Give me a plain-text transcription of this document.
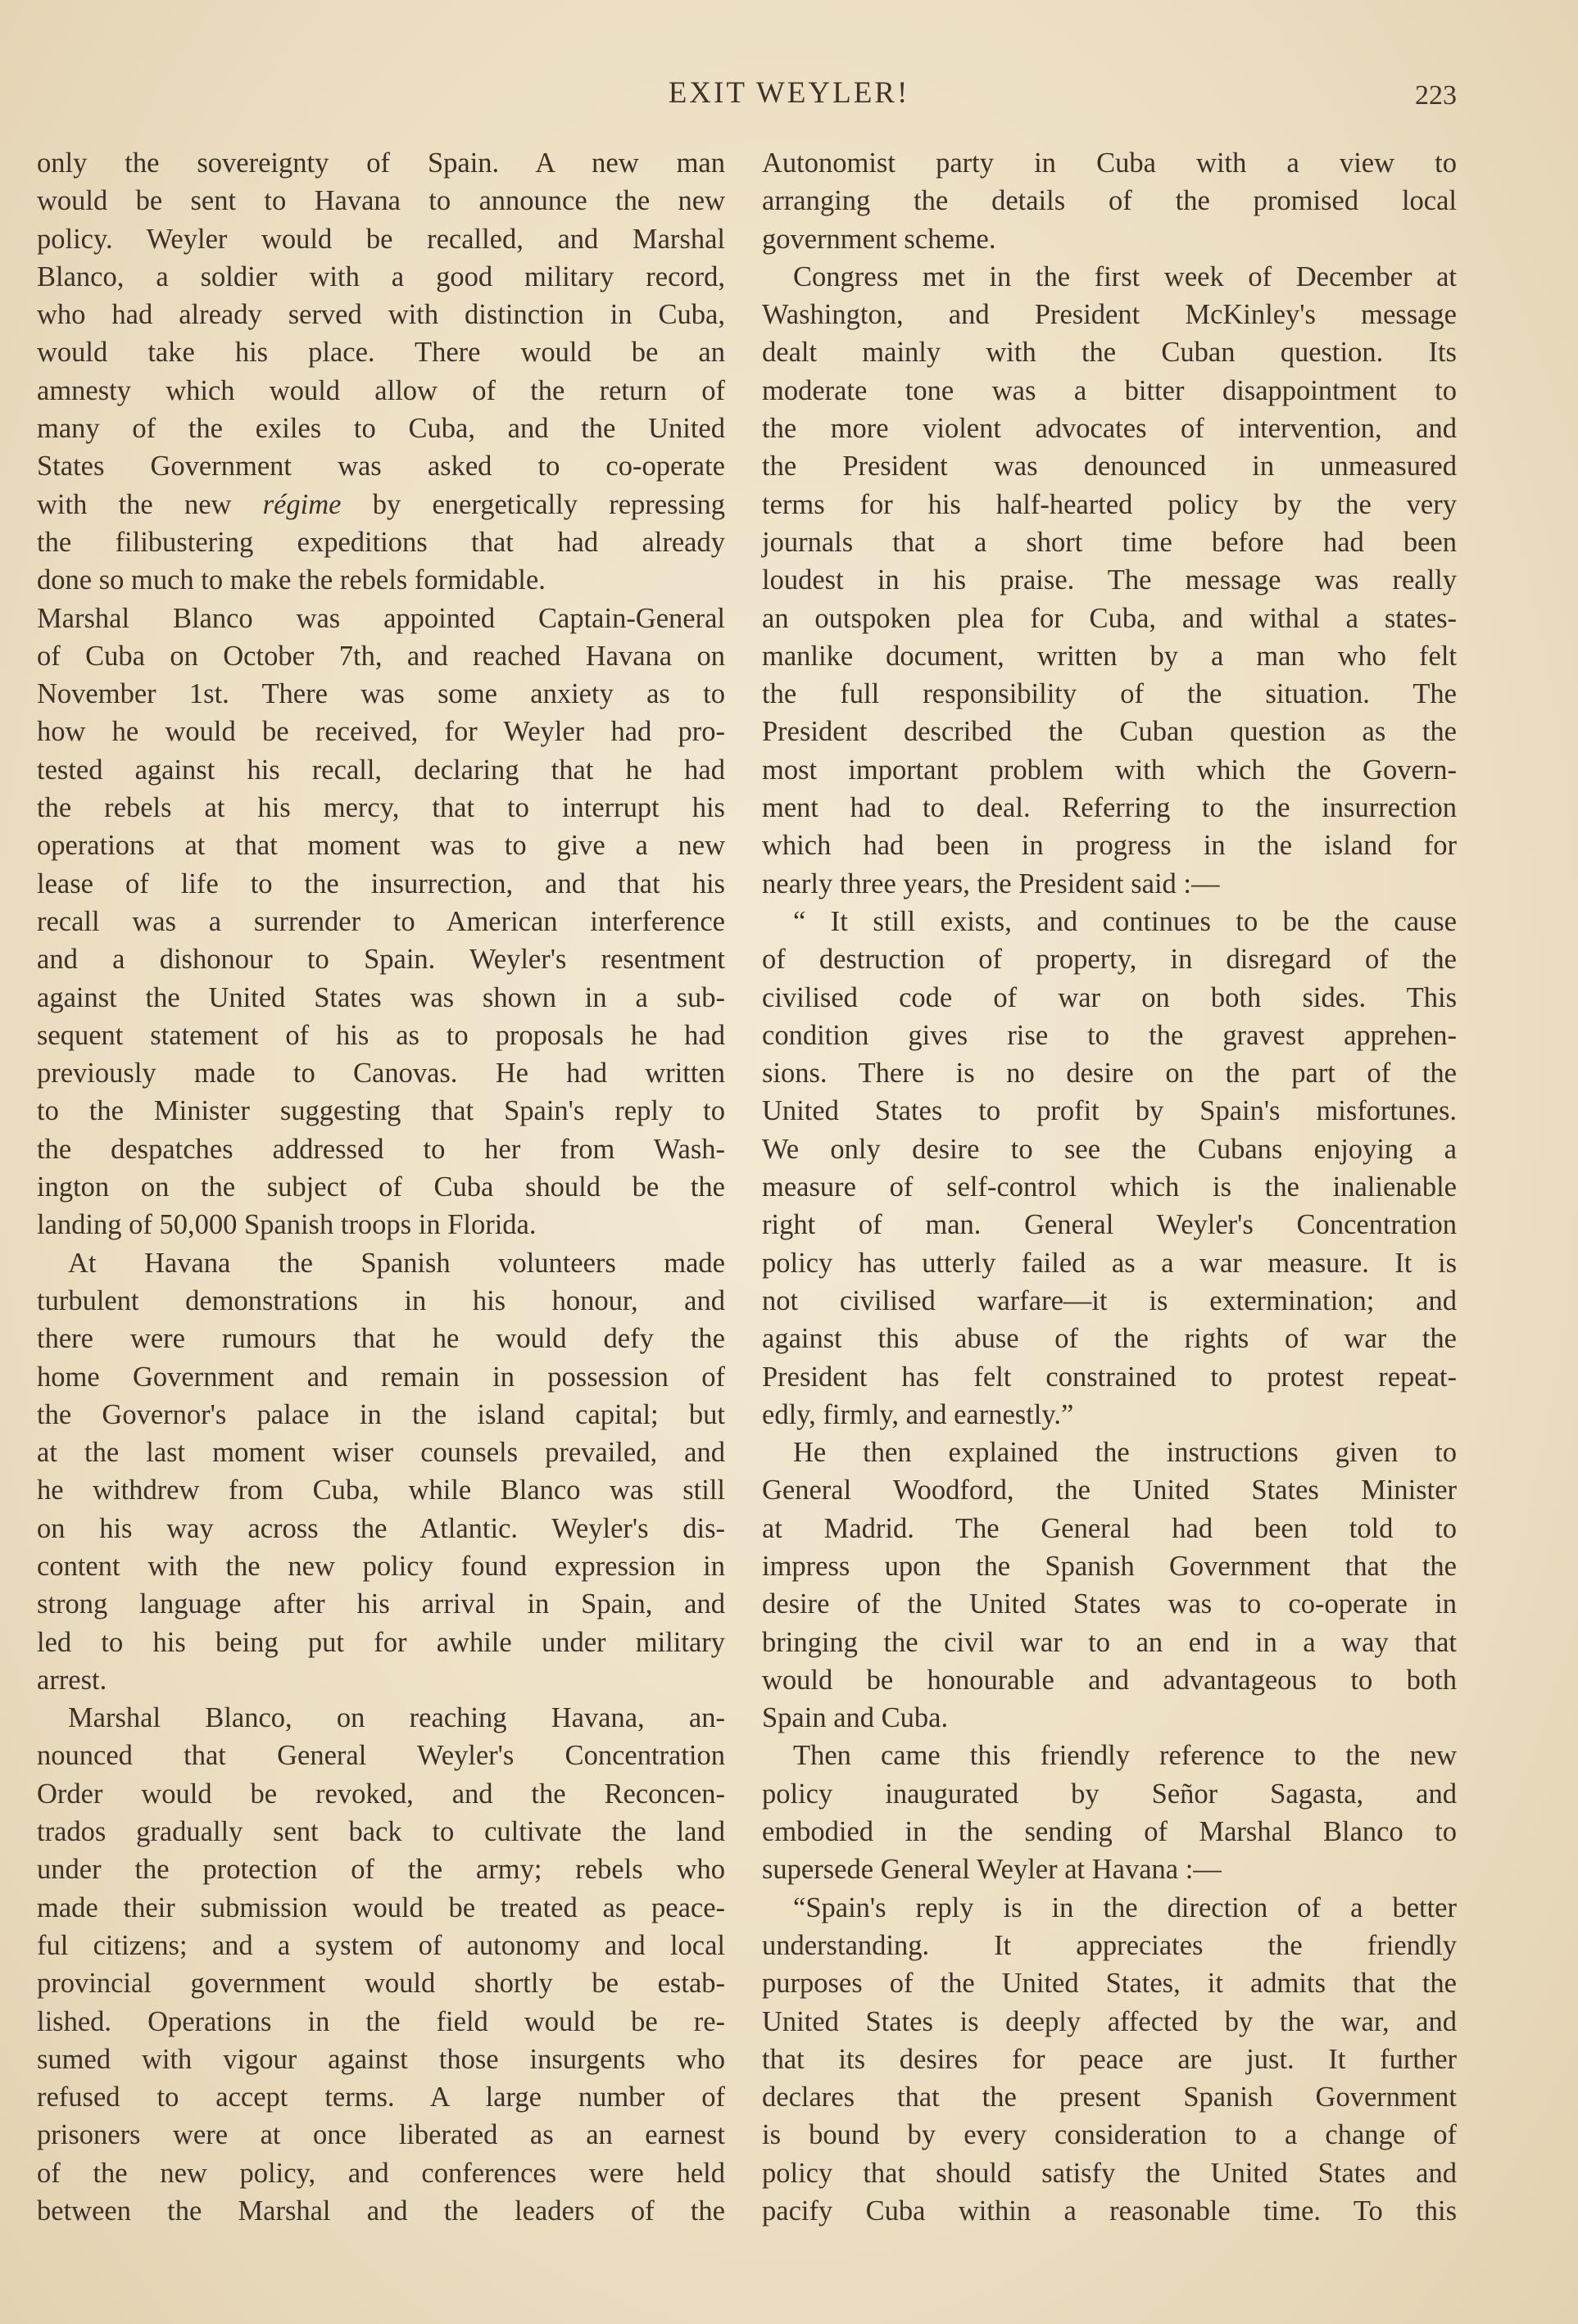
EXIT WEYLER!	223

only the sovereignty of Spain. A new man
would be sent to Havana to announce the new
policy. Weyler would be recalled, and Marshal
Blanco, a soldier with a good military record,
who had already served with distinction in Cuba,
would take his place. There would be an
amnesty which would allow of the return of
many of the exiles to Cuba, and the United
States Government was asked to co-operate
with the new régime by energetically repressing
the filibustering expeditions that had already
done so much to make the rebels formidable.

Marshal Blanco was appointed Captain-General
of Cuba on October 7th, and reached Havana on
November 1st. There was some anxiety as to
how he would be received, for Weyler had pro-
tested against his recall, declaring that he had
the rebels at his mercy, that to interrupt his
operations at that moment was to give a new
lease of life to the insurrection, and that his
recall was a surrender to American interference
and a dishonour to Spain. Weyler's resentment
against the United States was shown in a sub-
sequent statement of his as to proposals he had
previously made to Canovas. He had written
to the Minister suggesting that Spain's reply to
the despatches addressed to her from Wash-
ington on the subject of Cuba should be the
landing of 50,000 Spanish troops in Florida.

At Havana the Spanish volunteers made
turbulent demonstrations in his honour, and
there were rumours that he would defy the
home Government and remain in possession of
the Governor's palace in the island capital; but
at the last moment wiser counsels prevailed, and
he withdrew from Cuba, while Blanco was still
on his way across the Atlantic. Weyler's dis-
content with the new policy found expression in
strong language after his arrival in Spain, and
led to his being put for awhile under military
arrest.

Marshal Blanco, on reaching Havana, an-
nounced that General Weyler's Concentration
Order would be revoked, and the Reconcen-
trados gradually sent back to cultivate the land
under the protection of the army; rebels who
made their submission would be treated as peace-
ful citizens; and a system of autonomy and local
provincial government would shortly be estab-
lished. Operations in the field would be re-
sumed with vigour against those insurgents who
refused to accept terms. A large number of
prisoners were at once liberated as an earnest
of the new policy, and conferences were held
between the Marshal and the leaders of the

Autonomist party in Cuba with a view to
arranging the details of the promised local
government scheme.

Congress met in the first week of December at
Washington, and President McKinley's message
dealt mainly with the Cuban question. Its
moderate tone was a bitter disappointment to
the more violent advocates of intervention, and
the President was denounced in unmeasured
terms for his half-hearted policy by the very
journals that a short time before had been
loudest in his praise. The message was really
an outspoken plea for Cuba, and withal a states-
manlike document, written by a man who felt
the full responsibility of the situation. The
President described the Cuban question as the
most important problem with which the Govern-
ment had to deal. Referring to the insurrection
which had been in progress in the island for
nearly three years, the President said :—

“ It still exists, and continues to be the cause
of destruction of property, in disregard of the
civilised code of war on both sides. This
condition gives rise to the gravest apprehen-
sions. There is no desire on the part of the
United States to profit by Spain's misfortunes.
We only desire to see the Cubans enjoying a
measure of self-control which is the inalienable
right of man. General Weyler's Concentration
policy has utterly failed as a war measure. It is
not civilised warfare—it is extermination; and
against this abuse of the rights of war the
President has felt constrained to protest repeat-
edly, firmly, and earnestly.”

He then explained the instructions given to
General Woodford, the United States Minister
at Madrid. The General had been told to
impress upon the Spanish Government that the
desire of the United States was to co-operate in
bringing the civil war to an end in a way that
would be honourable and advantageous to both
Spain and Cuba.

Then came this friendly reference to the new
policy inaugurated by Señor Sagasta, and
embodied in the sending of Marshal Blanco to
supersede General Weyler at Havana :—

“Spain's reply is in the direction of a better
understanding. It appreciates the friendly
purposes of the United States, it admits that the
United States is deeply affected by the war, and
that its desires for peace are just. It further
declares that the present Spanish Government
is bound by every consideration to a change of
policy that should satisfy the United States and
pacify Cuba within a reasonable time. To this
